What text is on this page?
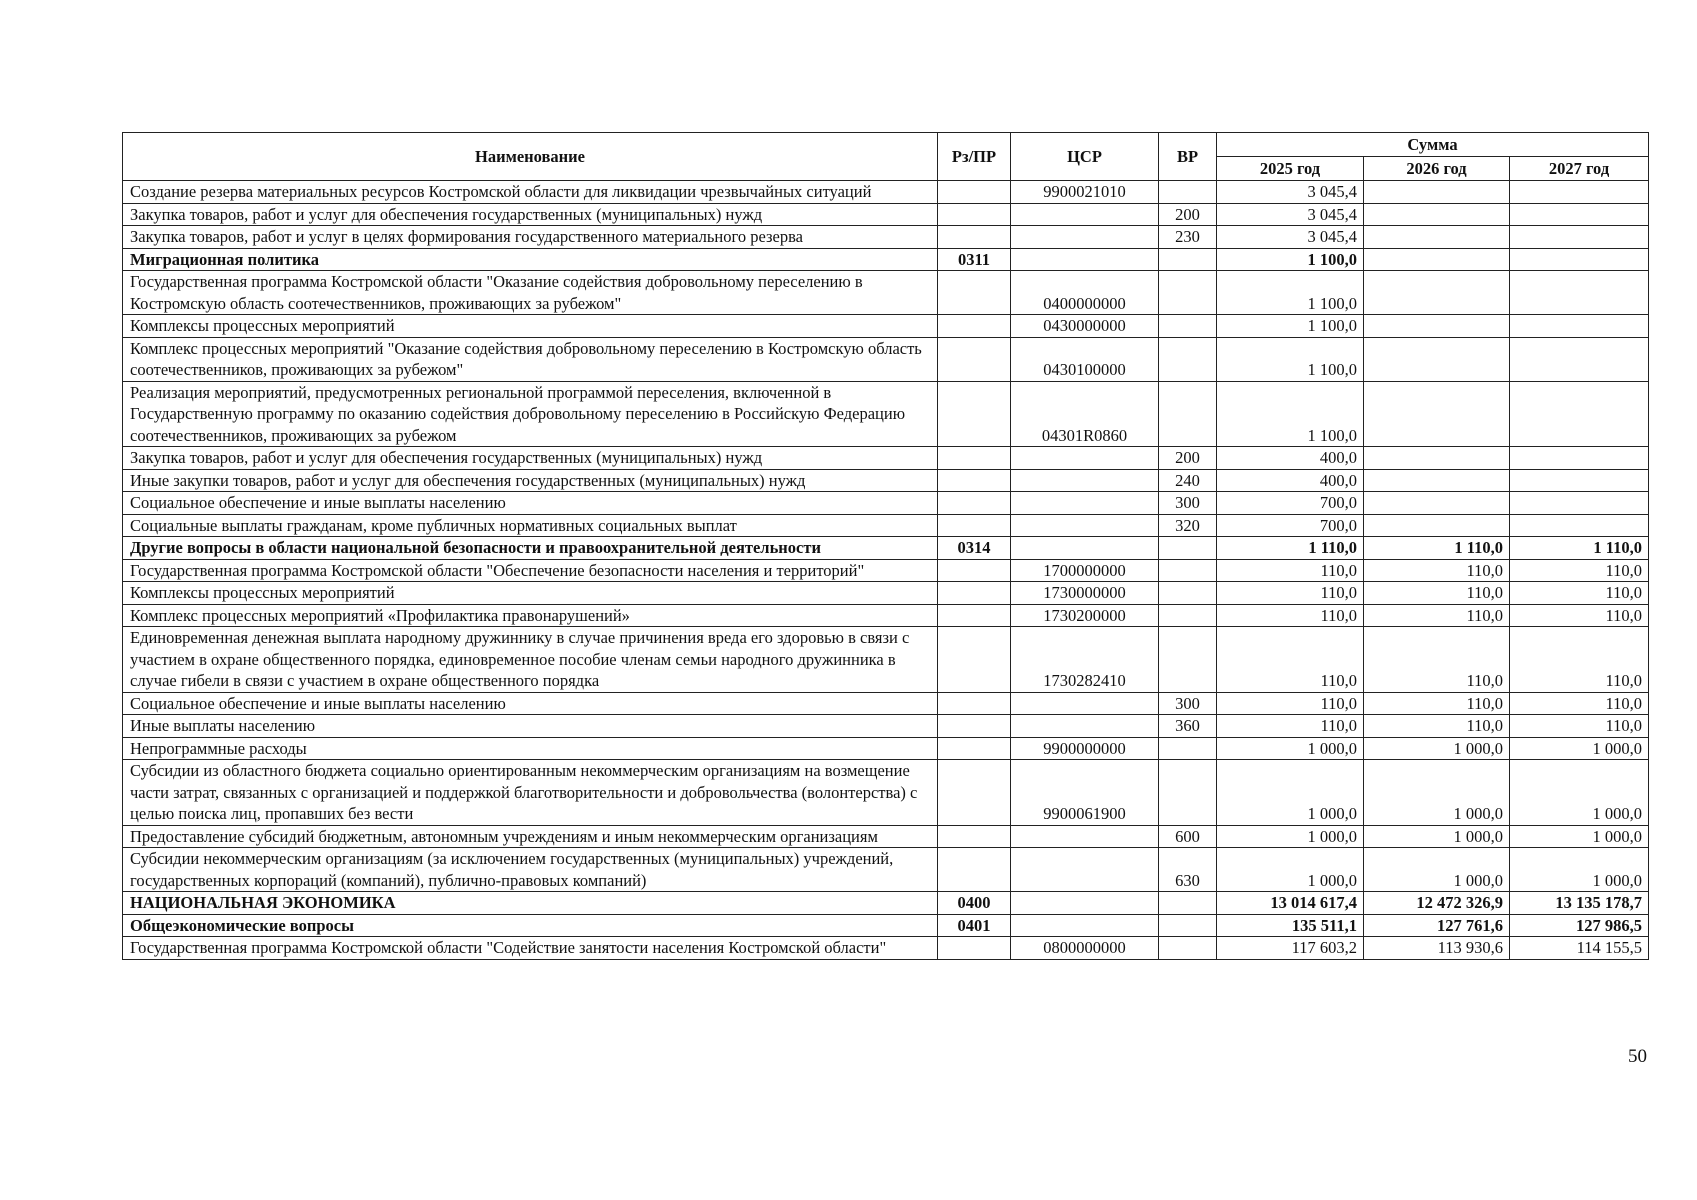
Наименование	Рз/ПР	ЦСР	ВР	Сумма		
				2025 год	2026 год	2027 год
Создание резерва материальных ресурсов Костромской области для ликвидации чрезвычайных ситуаций		9900021010		3 045,4		
Закупка товаров, работ и услуг для обеспечения государственных (муниципальных) нужд			200	3 045,4		
Закупка товаров, работ и услуг в целях формирования государственного материального резерва			230	3 045,4		
Миграционная политика	0311			1 100,0		
Государственная программа Костромской области "Оказание содействия добровольному переселению в Костромскую область соотечественников, проживающих за рубежом"		0400000000		1 100,0		
Комплексы процессных мероприятий		0430000000		1 100,0		
Комплекс процессных мероприятий "Оказание содействия добровольному переселению в Костромскую область соотечественников, проживающих за рубежом"		0430100000		1 100,0		
Реализация мероприятий, предусмотренных региональной программой переселения, включенной в Государственную программу по оказанию содействия добровольному переселению в Российскую Федерацию соотечественников, проживающих за рубежом		04301R0860		1 100,0		
Закупка товаров, работ и услуг для обеспечения государственных (муниципальных) нужд			200	400,0		
Иные закупки товаров, работ и услуг для обеспечения государственных (муниципальных) нужд			240	400,0		
Социальное обеспечение и иные выплаты населению			300	700,0		
Социальные выплаты гражданам, кроме публичных нормативных социальных выплат			320	700,0		
Другие вопросы в области национальной безопасности и правоохранительной деятельности	0314			1 110,0	1 110,0	1 110,0
Государственная программа Костромской области "Обеспечение безопасности населения и территорий"		1700000000		110,0	110,0	110,0
Комплексы процессных мероприятий		1730000000		110,0	110,0	110,0
Комплекс процессных мероприятий «Профилактика правонарушений»		1730200000		110,0	110,0	110,0
Единовременная денежная выплата народному дружиннику в случае причинения вреда его здоровью в связи с участием в охране общественного порядка, единовременное пособие членам семьи народного дружинника в случае гибели в связи с участием в охране общественного порядка		1730282410		110,0	110,0	110,0
Социальное обеспечение и иные выплаты населению			300	110,0	110,0	110,0
Иные выплаты населению			360	110,0	110,0	110,0
Непрограммные расходы		9900000000		1 000,0	1 000,0	1 000,0
Субсидии из областного бюджета социально ориентированным некоммерческим организациям на возмещение части затрат, связанных с организацией и поддержкой благотворительности и добровольчества (волонтерства) с целью поиска лиц, пропавших без вести		9900061900		1 000,0	1 000,0	1 000,0
Предоставление субсидий бюджетным, автономным учреждениям и иным некоммерческим организациям			600	1 000,0	1 000,0	1 000,0
Субсидии некоммерческим организациям (за исключением государственных (муниципальных) учреждений, государственных корпораций (компаний), публично-правовых компаний)			630	1 000,0	1 000,0	1 000,0
НАЦИОНАЛЬНАЯ ЭКОНОМИКА	0400			13 014 617,4	12 472 326,9	13 135 178,7
Общеэкономические вопросы	0401			135 511,1	127 761,6	127 986,5
Государственная программа Костромской области "Содействие занятости населения Костромской области"		0800000000		117 603,2	113 930,6	114 155,5
50
